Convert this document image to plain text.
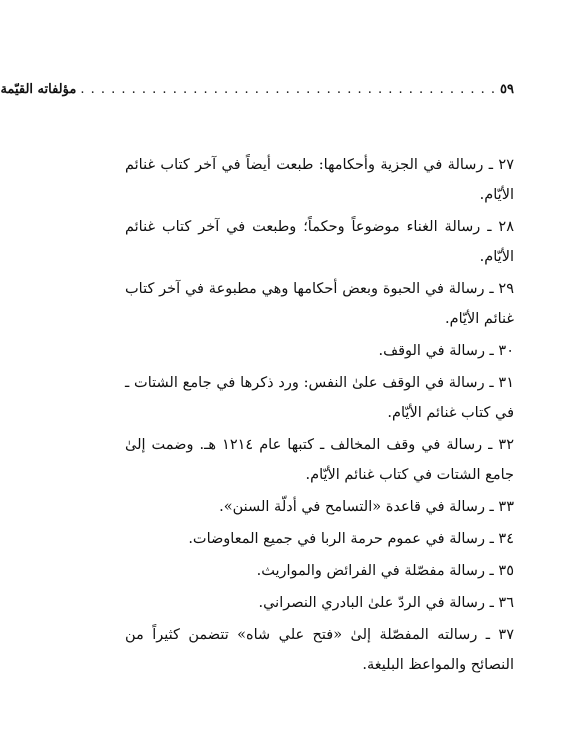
٥٩
. . . . . . . . . . . . . . . . . . . . . . . . . . . . . . . . . . . . . . . . .
مؤلفاته القيّمة

٢٧ ـ رسالة في الجزية وأحكامها: طبعت أيضاً في آخر كتاب غنائم الأيّام.

٢٨ ـ رسالة الغناء موضوعاً وحكماً؛ وطبعت في آخر كتاب غنائم الأيّام.

٢٩ ـ رسالة في الحبوة وبعض أحكامها وهي مطبوعة في آخر كتاب غنائم الأيّام.

٣٠ ـ رسالة في الوقف.

٣١ ـ رسالة في الوقف علىٰ النفس: ورد ذكرها في جامع الشتات ـ في كتاب غنائم الأيّام.

٣٢ ـ رسالة في وقف المخالف ـ كتبها عام ١٢١٤ هـ. وضمت إلىٰ جامع الشتات في كتاب غنائم الأيّام.

٣٣ ـ رسالة في قاعدة «التسامح في أدلّة السنن».

٣٤ ـ رسالة في عموم حرمة الربا في جميع المعاوضات.

٣٥ ـ رسالة مفصّلة في الفرائض والمواريث.

٣٦ ـ رسالة في الردّ علىٰ البادري النصراني.

٣٧ ـ رسالته المفصّلة إلىٰ «فتح علي شاه» تتضمن كثيراً من النصائح والمواعظ البليغة.
